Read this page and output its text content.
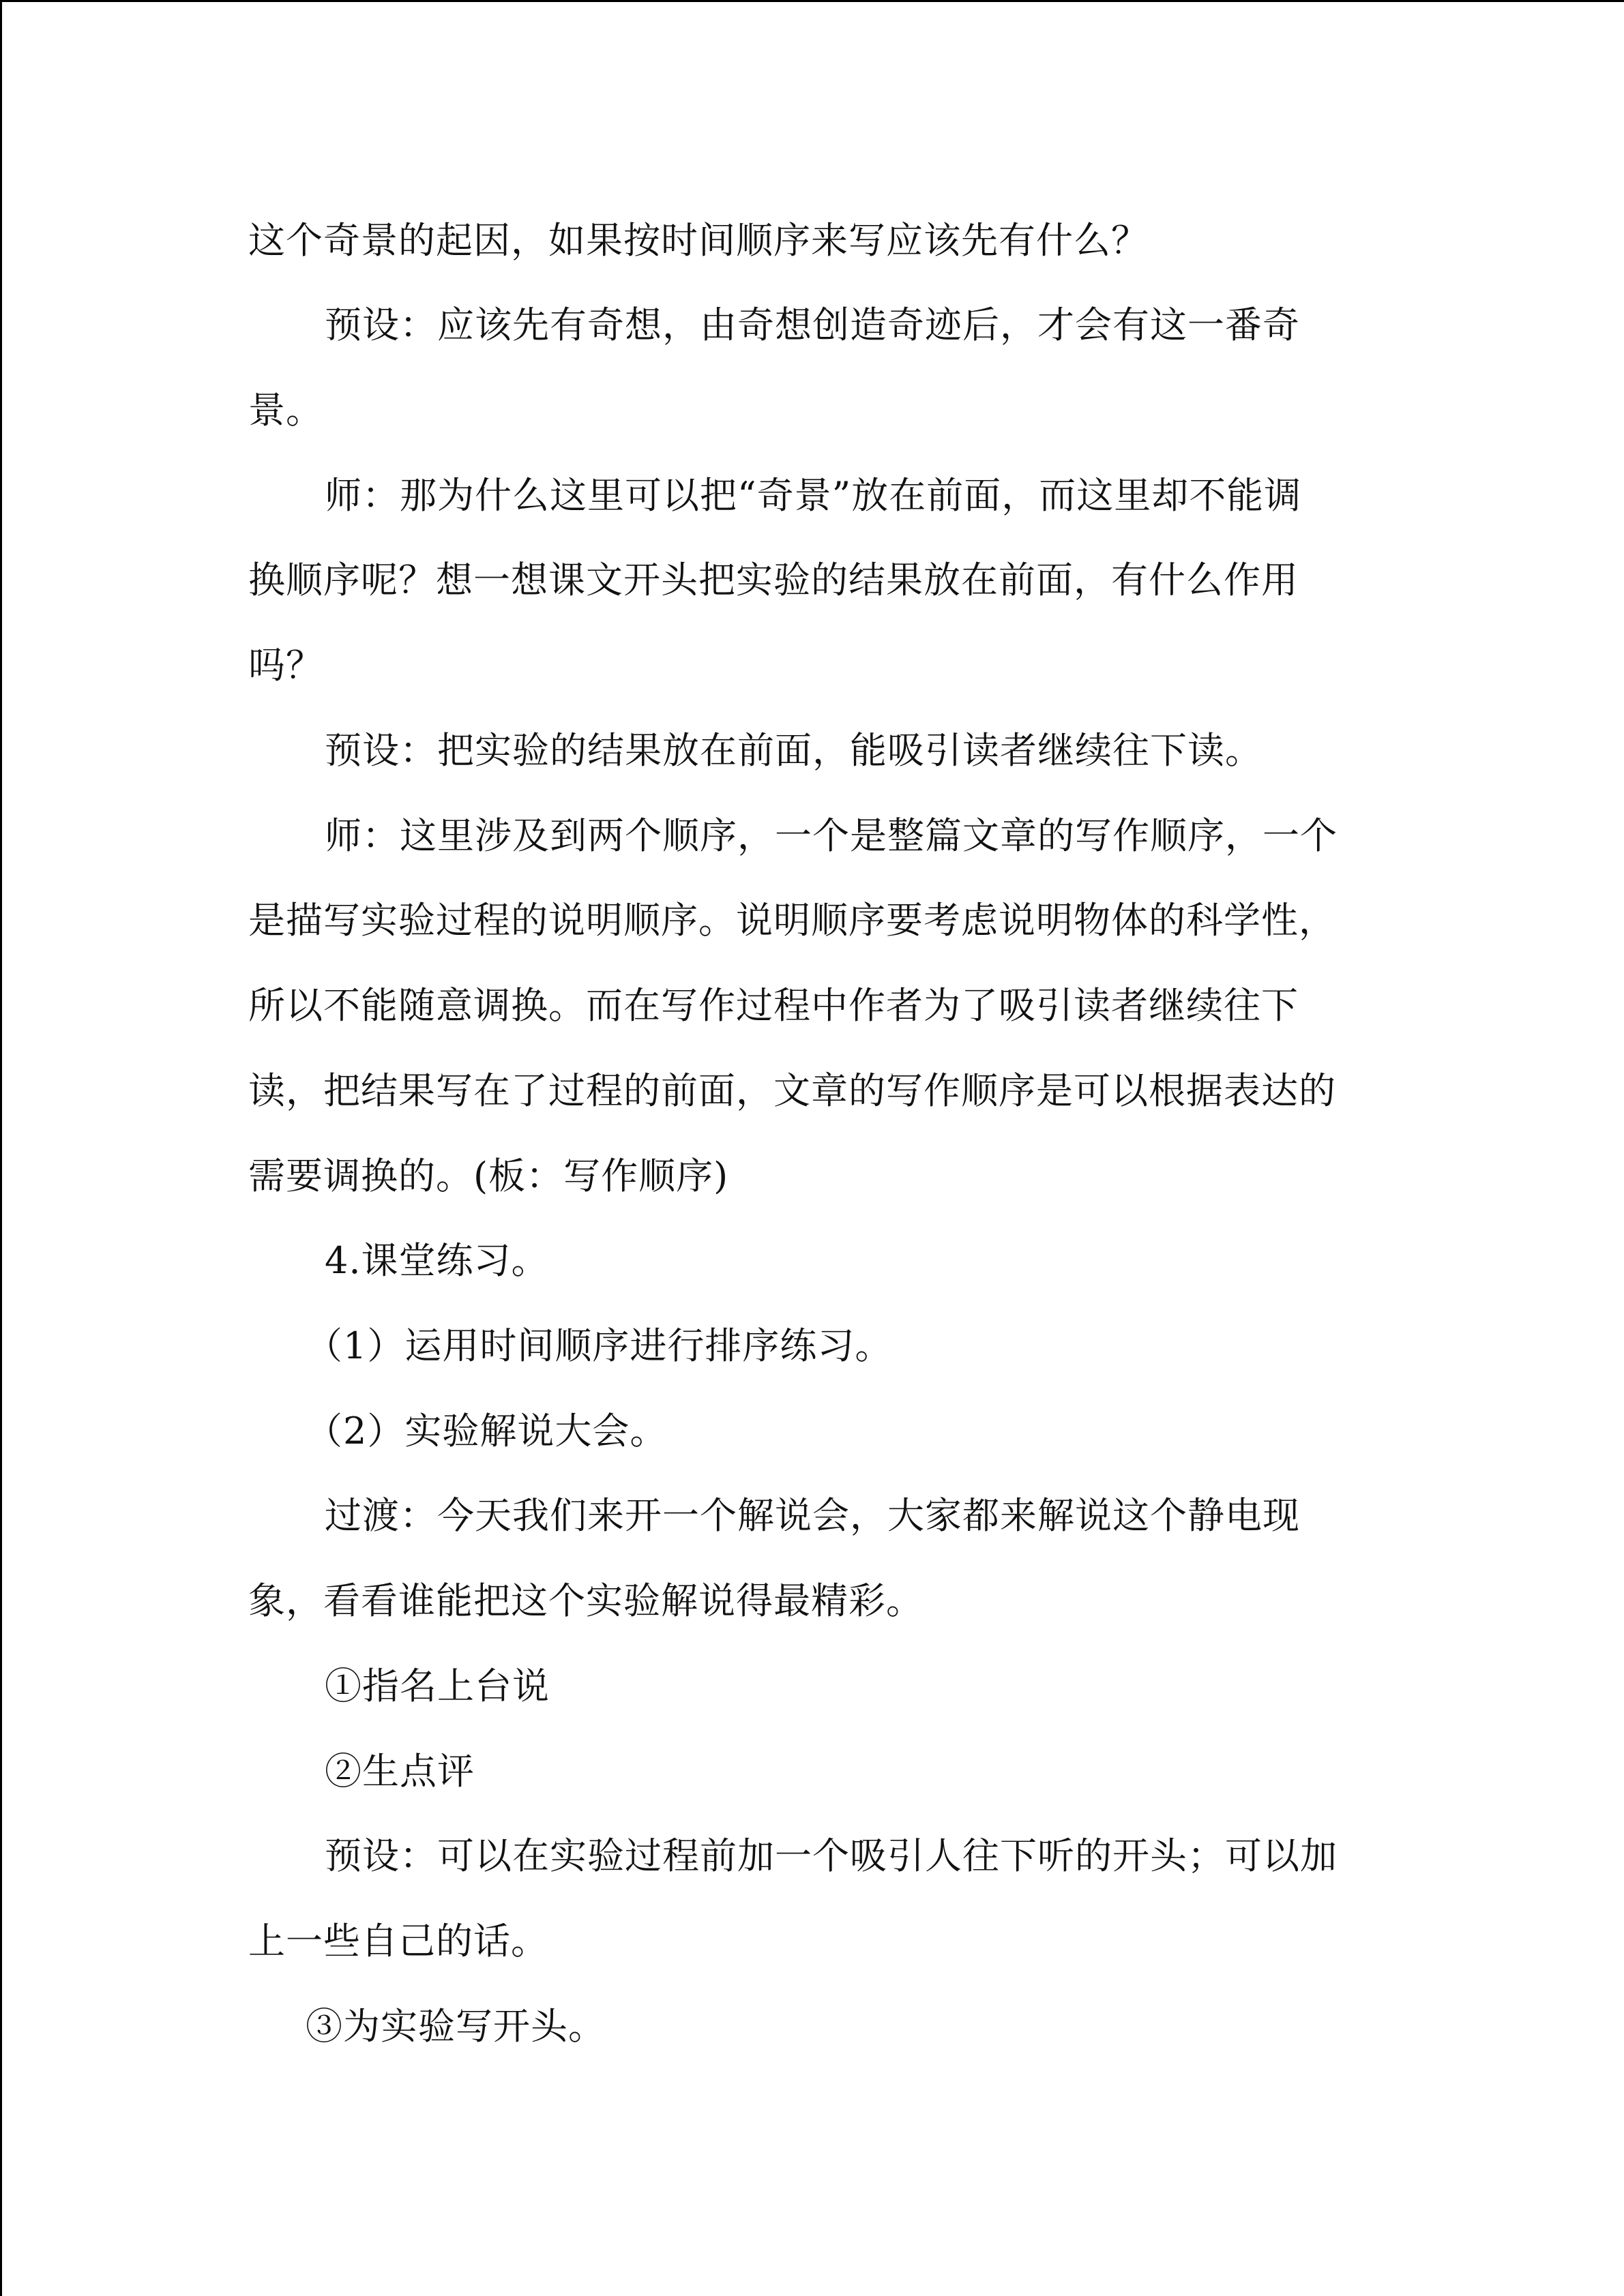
这个奇景的起因，如果按时间顺序来写应该先有什么？
预设：应该先有奇想，由奇想创造奇迹后，才会有这一番奇
景。
师：那为什么这里可以把“奇景”放在前面，而这里却不能调
换顺序呢？想一想课文开头把实验的结果放在前面，有什么作用
吗？
预设：把实验的结果放在前面，能吸引读者继续往下读。
师：这里涉及到两个顺序，一个是整篇文章的写作顺序，一个
是描写实验过程的说明顺序。说明顺序要考虑说明物体的科学性，
所以不能随意调换。而在写作过程中作者为了吸引读者继续往下
读，把结果写在了过程的前面，文章的写作顺序是可以根据表达的
需要调换的。(板：写作顺序)
4.课堂练习。
（1）运用时间顺序进行排序练习。
（2）实验解说大会。
过渡：今天我们来开一个解说会，大家都来解说这个静电现
象，看看谁能把这个实验解说得最精彩。
①指名上台说
②生点评
预设：可以在实验过程前加一个吸引人往下听的开头；可以加
上一些自己的话。
③为实验写开头。
